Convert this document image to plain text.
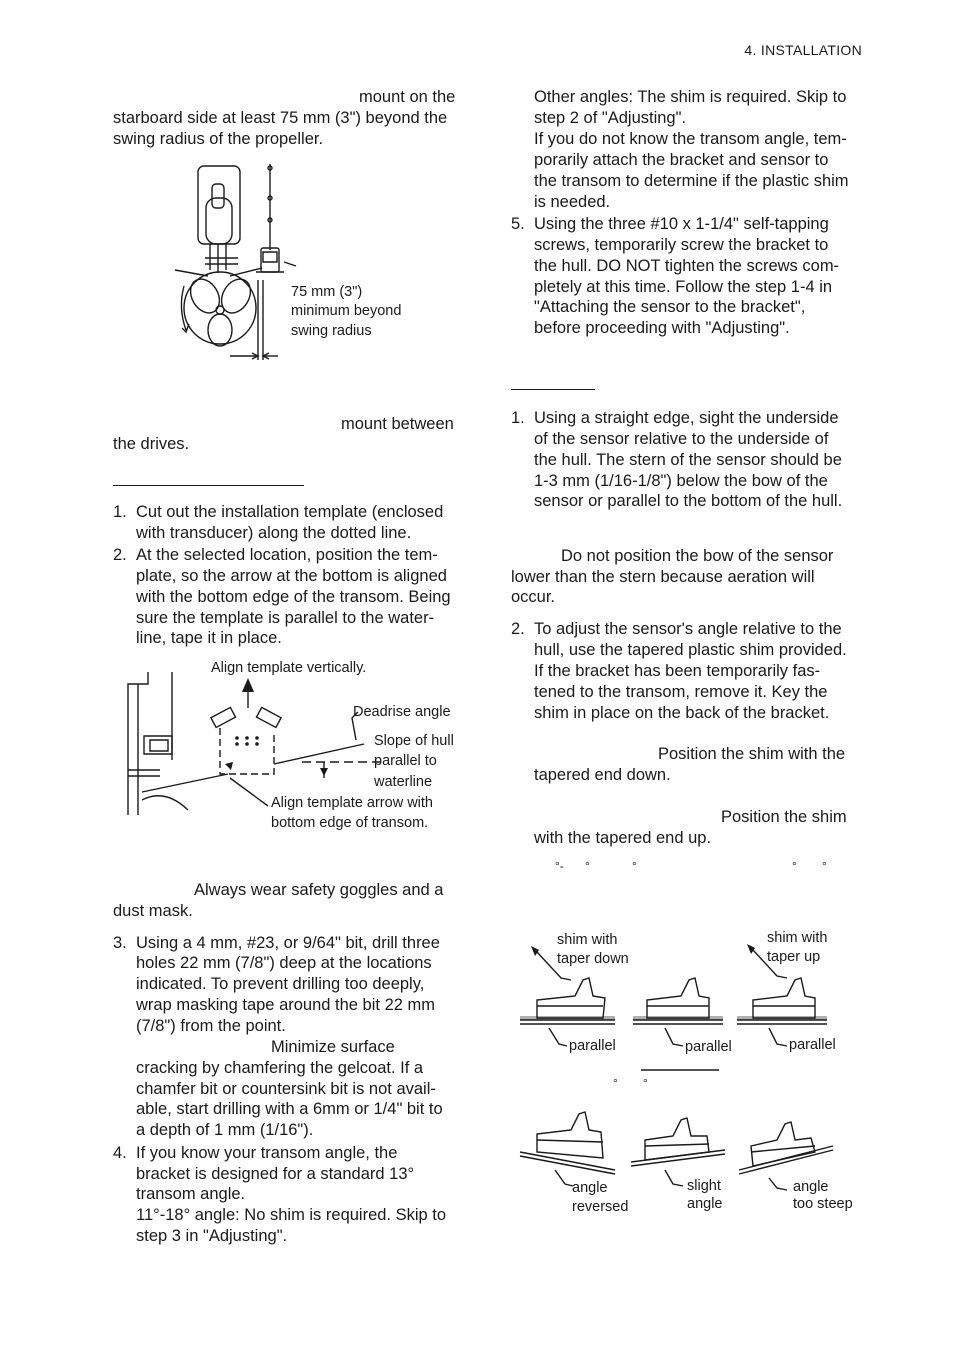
4. INSTALLATION
mount on the
starboard side at least 75 mm (3") beyond the
swing radius of the propeller.
75 mm (3")
minimum beyond
swing radius
mount between
the drives.
1. Cut out the installation template (enclosed
with transducer) along the dotted line.
2. At the selected location, position the tem-
plate, so the arrow at the bottom is aligned
with the bottom edge of the transom. Being
sure the template is parallel to the water-
line, tape it in place.
Align template vertically.
Deadrise angle
Slope of hull
parallel to
waterline
Align template arrow with
bottom edge of transom.
Always wear safety goggles and a
dust mask.
3. Using a 4 mm, #23, or 9/64" bit, drill three
holes 22 mm (7/8") deep at the locations
indicated. To prevent drilling too deeply,
wrap masking tape around the bit 22 mm
(7/8") from the point.
Minimize surface
cracking by chamfering the gelcoat. If a
chamfer bit or countersink bit is not avail-
able, start drilling with a 6mm or 1/4" bit to
a depth of 1 mm (1/16").
4. If you know your transom angle, the
bracket is designed for a standard 13°
transom angle.
11°-18° angle: No shim is required. Skip to
step 3 in "Adjusting".
Other angles: The shim is required. Skip to
step 2 of "Adjusting".
If you do not know the transom angle, tem-
porarily attach the bracket and sensor to
the transom to determine if the plastic shim
is needed.
5. Using the three #10 x 1-1/4" self-tapping
screws, temporarily screw the bracket to
the hull. DO NOT tighten the screws com-
pletely at this time. Follow the step 1-4 in
"Attaching the sensor to the bracket",
before proceeding with "Adjusting".
1. Using a straight edge, sight the underside
of the sensor relative to the underside of
the hull. The stern of the sensor should be
1-3 mm (1/16-1/8") below the bow of the
sensor or parallel to the bottom of the hull.
Do not position the bow of the sensor
lower than the stern because aeration will
occur.
2. To adjust the sensor's angle relative to the
hull, use the tapered plastic shim provided.
If the bracket has been temporarily fas-
tened to the transom, remove it. Key the
shim in place on the back of the bracket.
Position the shim with the
tapered end down.
Position the shim
with the tapered end up.
°- °	°	° °
shim with
taper down
shim with
taper up
parallel	parallel	parallel
° °
angle
reversed
slight
angle
angle
too steep
